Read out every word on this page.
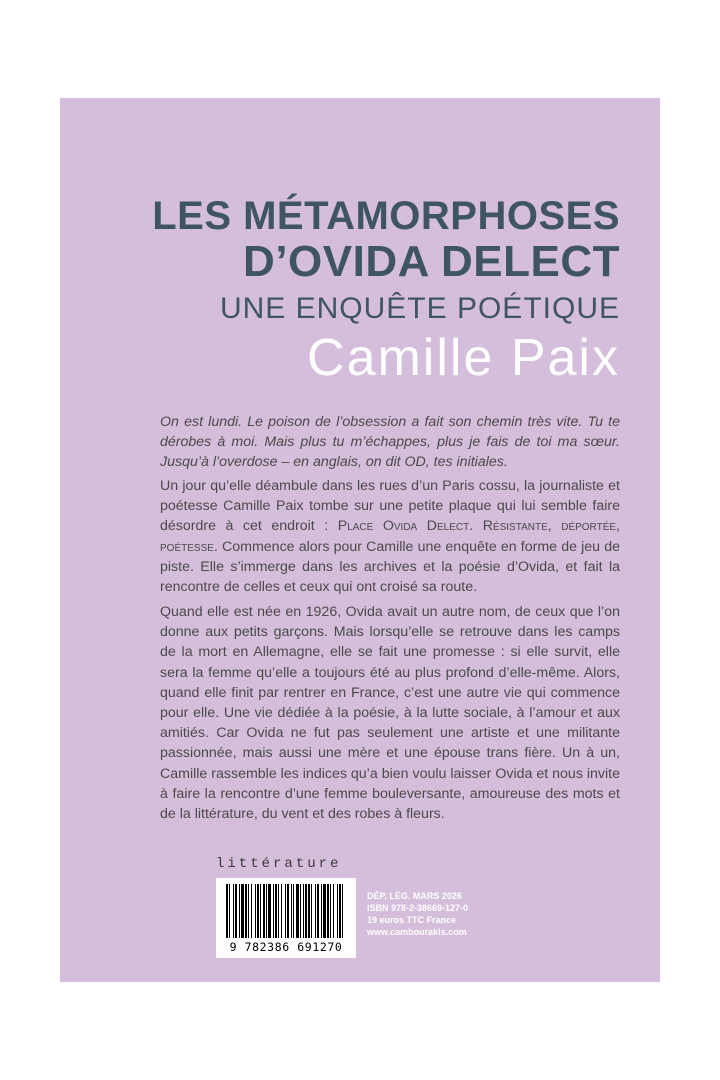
LES MÉTAMORPHOSES
D’OVIDA DELECT
UNE ENQUÊTE POÉTIQUE
Camille Paix

On est lundi. Le poison de l’obsession a fait son chemin très vite. Tu te dérobes à moi. Mais plus tu m’échappes, plus je fais de toi ma sœur. Jusqu’à l’overdose – en anglais, on dit OD, tes initiales.

Un jour qu’elle déambule dans les rues d’un Paris cossu, la journaliste et poétesse Camille Paix tombe sur une petite plaque qui lui semble faire désordre à cet endroit : Place Ovida Delect. Résistante, déportée, poétesse. Commence alors pour Camille une enquête en forme de jeu de piste. Elle s’immerge dans les archives et la poésie d’Ovida, et fait la rencontre de celles et ceux qui ont croisé sa route.

Quand elle est née en 1926, Ovida avait un autre nom, de ceux que l’on donne aux petits garçons. Mais lorsqu’elle se retrouve dans les camps de la mort en Allemagne, elle se fait une promesse : si elle survit, elle sera la femme qu’elle a toujours été au plus profond d’elle-même. Alors, quand elle finit par rentrer en France, c’est une autre vie qui commence pour elle. Une vie dédiée à la poésie, à la lutte sociale, à l’amour et aux amitiés. Car Ovida ne fut pas seulement une artiste et une militante passionnée, mais aussi une mère et une épouse trans fière. Un à un, Camille rassemble les indices qu’a bien voulu laisser Ovida et nous invite à faire la rencontre d’une femme bouleversante, amoureuse des mots et de la littérature, du vent et des robes à fleurs.

littérature
9 782386 691270
DÉP. LÉG. MARS 2026
ISBN 978-2-38669-127-0
19 euros TTC France
www.cambourakis.com
